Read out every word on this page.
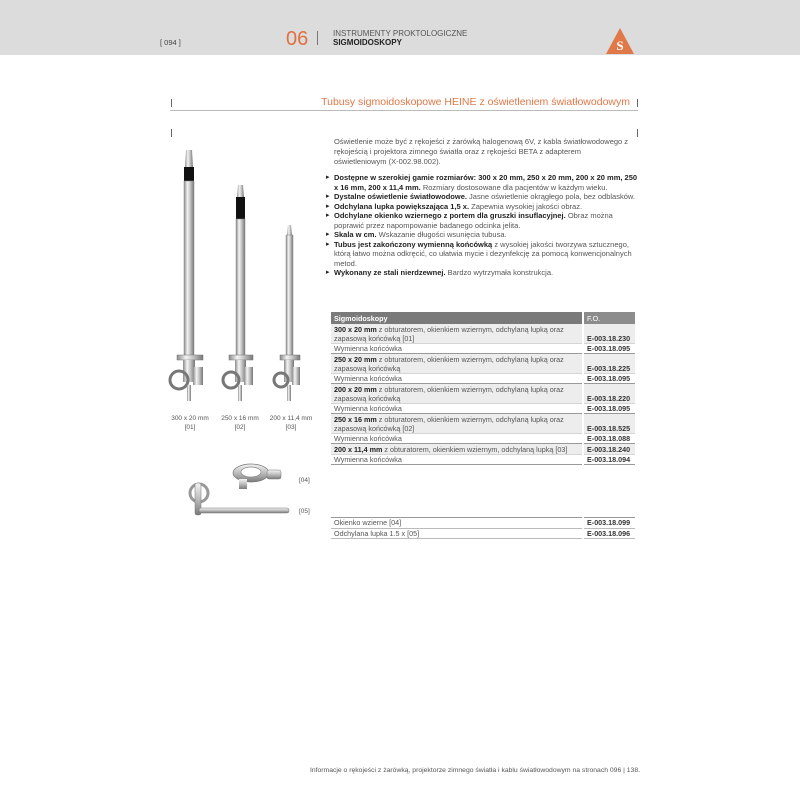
[ 094 ]	06	INSTRUMENTY PROKTOLOGICZNE
SIGMOIDOSKOPY	S
Tubusy sigmoidoskopowe HEINE z oświetleniem światłowodowym
300 x 20 mm
[01]
250 x 16 mm
[02]
200 x 11,4 mm
[03]
[04]
[05]

Oświetlenie może być z rękojeści z żarówką halogenową 6V, z kabla światłowodowego z rękojeścią i projektora zimnego światła oraz z rękojeści BETA z adapterem oświetleniowym (X-002.98.002).

▸ Dostępne w szerokiej gamie rozmiarów: 300 x 20 mm, 250 x 20 mm, 200 x 20 mm, 250 x 16 mm, 200 x 11,4 mm. Rozmiary dostosowane dla pacjentów w każdym wieku.
▸ Dystalne oświetlenie światłowodowe. Jasne oświetlenie okrągłego pola, bez odblasków.
▸ Odchylana lupka powiększająca 1,5 x. Zapewnia wysokiej jakości obraz.
▸ Odchylane okienko wziernego z portem dla gruszki insuflacyjnej. Obraz można poprawić przez napompowanie badanego odcinka jelita.
▸ Skala w cm. Wskazanie długości wsunięcia tubusa.
▸ Tubus jest zakończony wymienną końcówką z wysokiej jakości tworzywa sztucznego, którą łatwo można odkręcić, co ułatwia mycie i dezynfekcję za pomocą konwencjonalnych metod.
▸ Wykonany ze stali nierdzewnej. Bardzo wytrzymała konstrukcja.
Sigmoidoskopy	F.O.
300 x 20 mm z obturatorem, okienkiem wziernym, odchylaną lupką oraz zapasową końcówką [01]	E-003.18.230
Wymienna końcówka	E-003.18.095
250 x 20 mm z obturatorem, okienkiem wziernym, odchylaną lupką oraz zapasową końcówką	E-003.18.225
Wymienna końcówka	E-003.18.095
200 x 20 mm z obturatorem, okienkiem wziernym, odchylaną lupką oraz zapasową końcówką	E-003.18.220
Wymienna końcówka	E-003.18.095
250 x 16 mm z obturatorem, okienkiem wziernym, odchylaną lupką oraz zapasową końcówką [02]	E-003.18.525
Wymienna końcówka	E-003.18.088
200 x 11,4 mm z obturatorem, okienkiem wziernym, odchylaną lupką [03]	E-003.18.240
Wymienna końcówka	E-003.18.094
Okienko wzierne [04]	E-003.18.099
Odchylana lupka 1.5 x [05]	E-003.18.096
Informacje o rękojeści z żarówką, projektorze zimnego światła i kablu światłowodowym na stronach 096 | 138.
